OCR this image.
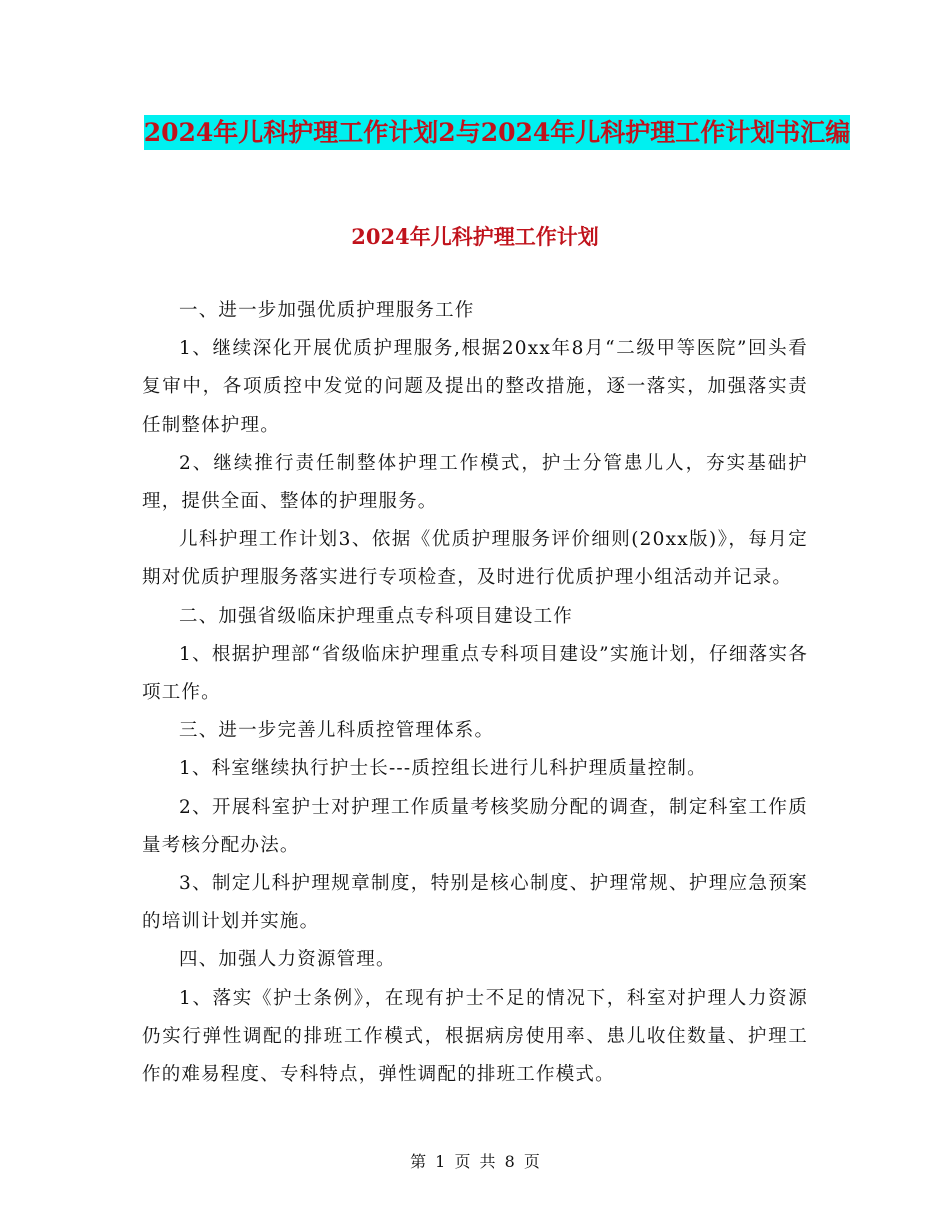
2024年儿科护理工作计划2与2024年儿科护理工作计划书汇编
2024年儿科护理工作计划

一、进一步加强优质护理服务工作

1、继续深化开展优质护理服务,根据20xx年8月“二级甲等医院”回头看复审中，各项质控中发觉的问题及提出的整改措施，逐一落实，加强落实责任制整体护理。

2、继续推行责任制整体护理工作模式，护士分管患儿人，夯实基础护理，提供全面、整体的护理服务。

儿科护理工作计划3、依据《优质护理服务评价细则(20xx版)》，每月定期对优质护理服务落实进行专项检查，及时进行优质护理小组活动并记录。

二、加强省级临床护理重点专科项目建设工作

1、根据护理部“省级临床护理重点专科项目建设”实施计划，仔细落实各项工作。

三、进一步完善儿科质控管理体系。

1、科室继续执行护士长---质控组长进行儿科护理质量控制。

2、开展科室护士对护理工作质量考核奖励分配的调查，制定科室工作质量考核分配办法。

3、制定儿科护理规章制度，特别是核心制度、护理常规、护理应急预案的培训计划并实施。

四、加强人力资源管理。

1、落实《护士条例》，在现有护士不足的情况下，科室对护理人力资源仍实行弹性调配的排班工作模式，根据病房使用率、患儿收住数量、护理工作的难易程度、专科特点，弹性调配的排班工作模式。

第 1 页 共 8 页
